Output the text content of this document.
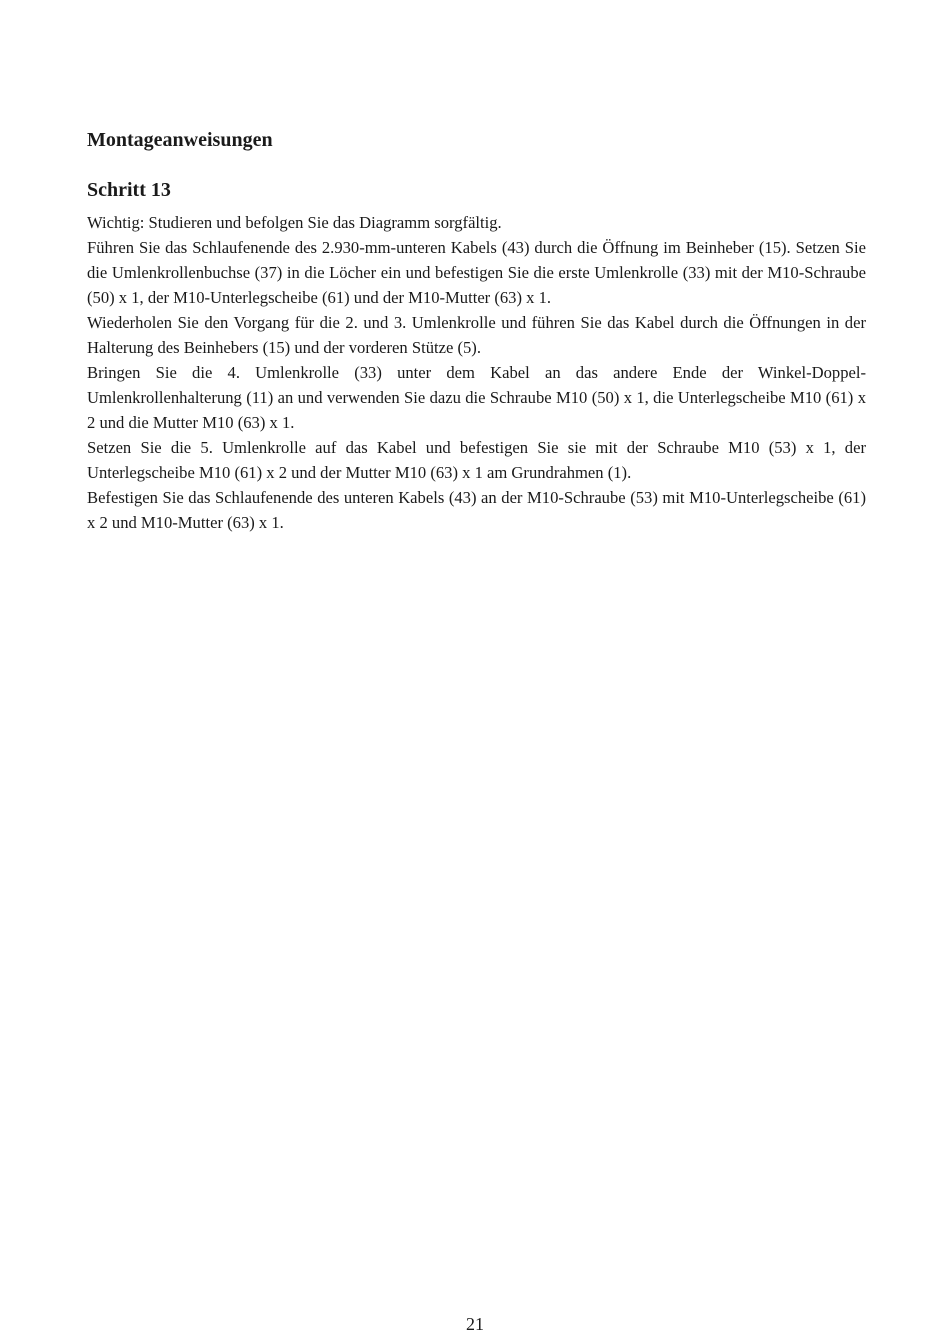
Montageanweisungen
Schritt 13

Wichtig: Studieren und befolgen Sie das Diagramm sorgfältig.

Führen Sie das Schlaufenende des 2.930-mm-unteren Kabels (43) durch die Öffnung im Beinheber (15). Setzen Sie die Umlenkrollenbuchse (37) in die Löcher ein und befestigen Sie die erste Umlenkrolle (33) mit der M10-Schraube (50) x 1, der M10-Unterlegscheibe (61) und der M10-Mutter (63) x 1.

Wiederholen Sie den Vorgang für die 2. und 3. Umlenkrolle und führen Sie das Kabel durch die Öffnungen in der Halterung des Beinhebers (15) und der vorderen Stütze (5).

Bringen Sie die 4. Umlenkrolle (33) unter dem Kabel an das andere Ende der Winkel-Doppel-Umlenkrollenhalterung (11) an und verwenden Sie dazu die Schraube M10 (50) x 1, die Unterlegscheibe M10 (61) x 2 und die Mutter M10 (63) x 1.

Setzen Sie die 5. Umlenkrolle auf das Kabel und befestigen Sie sie mit der Schraube M10 (53) x 1, der Unterlegscheibe M10 (61) x 2 und der Mutter M10 (63) x 1 am Grundrahmen (1).

Befestigen Sie das Schlaufenende des unteren Kabels (43) an der M10-Schraube (53) mit M10-Unterlegscheibe (61) x 2 und M10-Mutter (63) x 1.

21
